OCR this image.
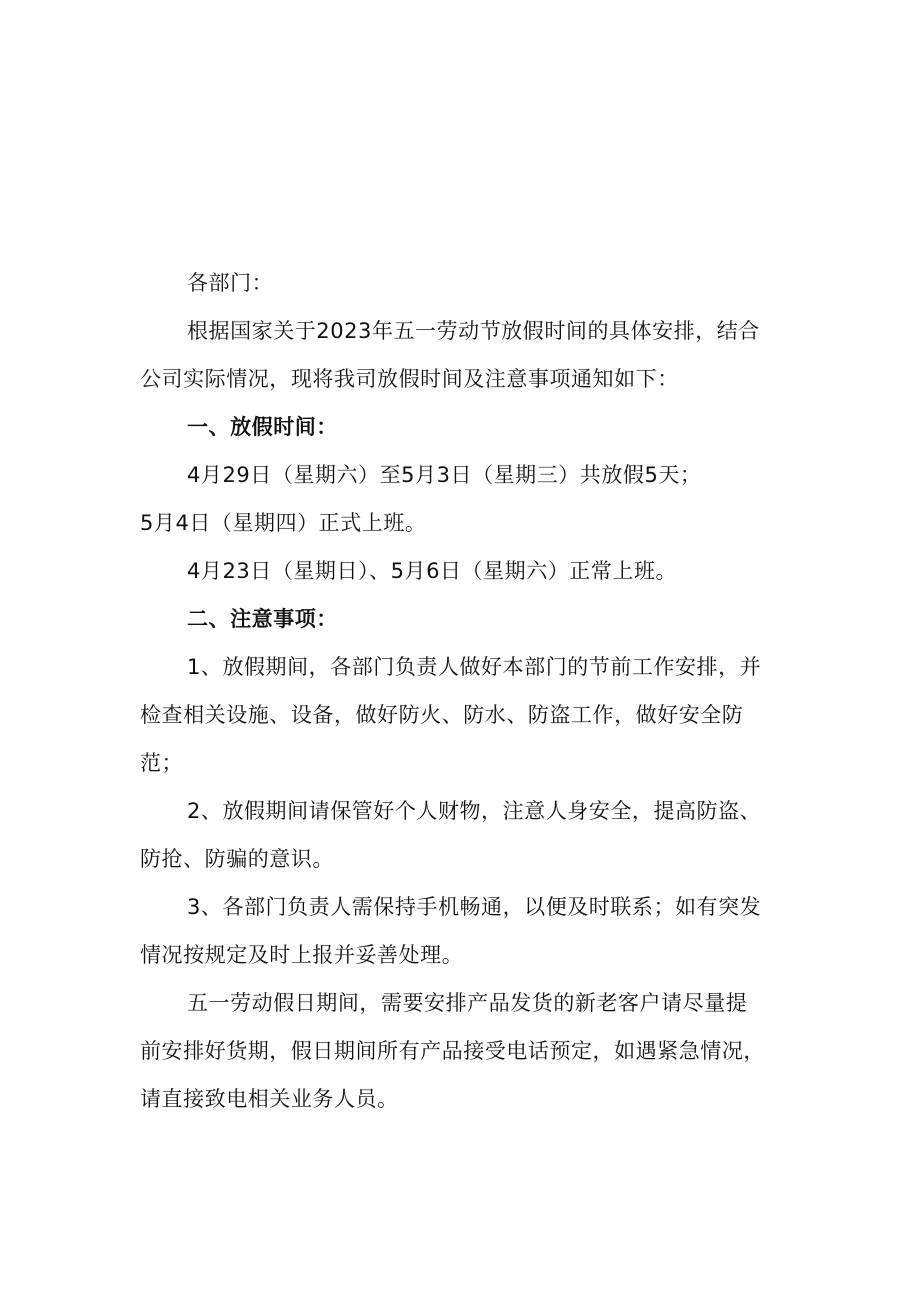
各部门：
根据国家关于2023年五一劳动节放假时间的具体安排，结合
公司实际情况，现将我司放假时间及注意事项通知如下：
一、放假时间：
4月29日（星期六）至5月3日（星期三）共放假5天；
5月4日（星期四）正式上班。
4月23日（星期日）、5月6日（星期六）正常上班。
二、注意事项：
1、放假期间，各部门负责人做好本部门的节前工作安排，并
检查相关设施、设备，做好防火、防水、防盗工作，做好安全防
范；
2、放假期间请保管好个人财物，注意人身安全，提高防盗、
防抢、防骗的意识。
3、各部门负责人需保持手机畅通，以便及时联系；如有突发
情况按规定及时上报并妥善处理。
五一劳动假日期间，需要安排产品发货的新老客户请尽量提
前安排好货期，假日期间所有产品接受电话预定，如遇紧急情况，
请直接致电相关业务人员。
